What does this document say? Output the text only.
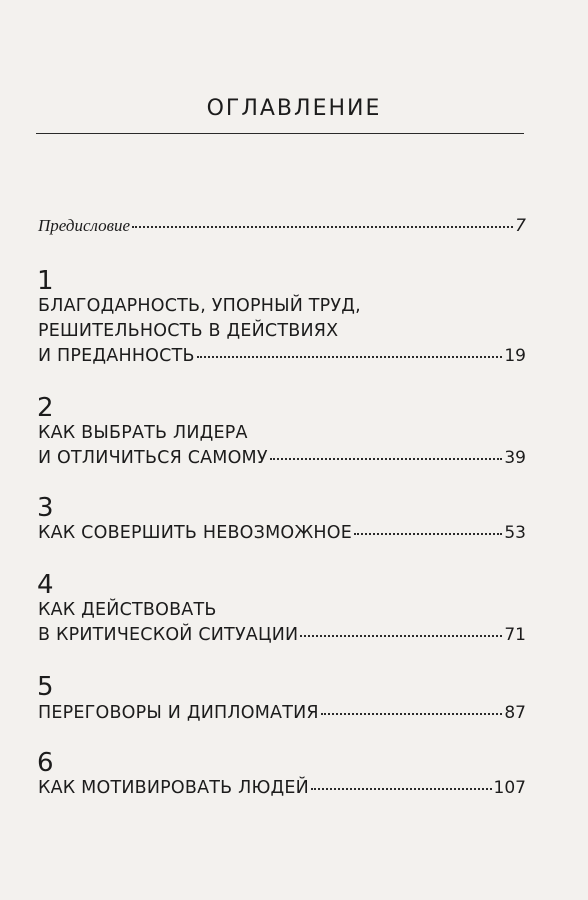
ОГЛАВЛЕНИЕ
Предисловие	7
1
БЛАГОДАРНОСТЬ, УПОРНЫЙ ТРУД,
РЕШИТЕЛЬНОСТЬ В ДЕЙСТВИЯХ
И ПРЕДАННОСТЬ	19
2
КАК ВЫБРАТЬ ЛИДЕРА
И ОТЛИЧИТЬСЯ САМОМУ	39
3
КАК СОВЕРШИТЬ НЕВОЗМОЖНОЕ	53
4
КАК ДЕЙСТВОВАТЬ
В КРИТИЧЕСКОЙ СИТУАЦИИ	71
5
ПЕРЕГОВОРЫ И ДИПЛОМАТИЯ	87
6
КАК МОТИВИРОВАТЬ ЛЮДЕЙ	107
